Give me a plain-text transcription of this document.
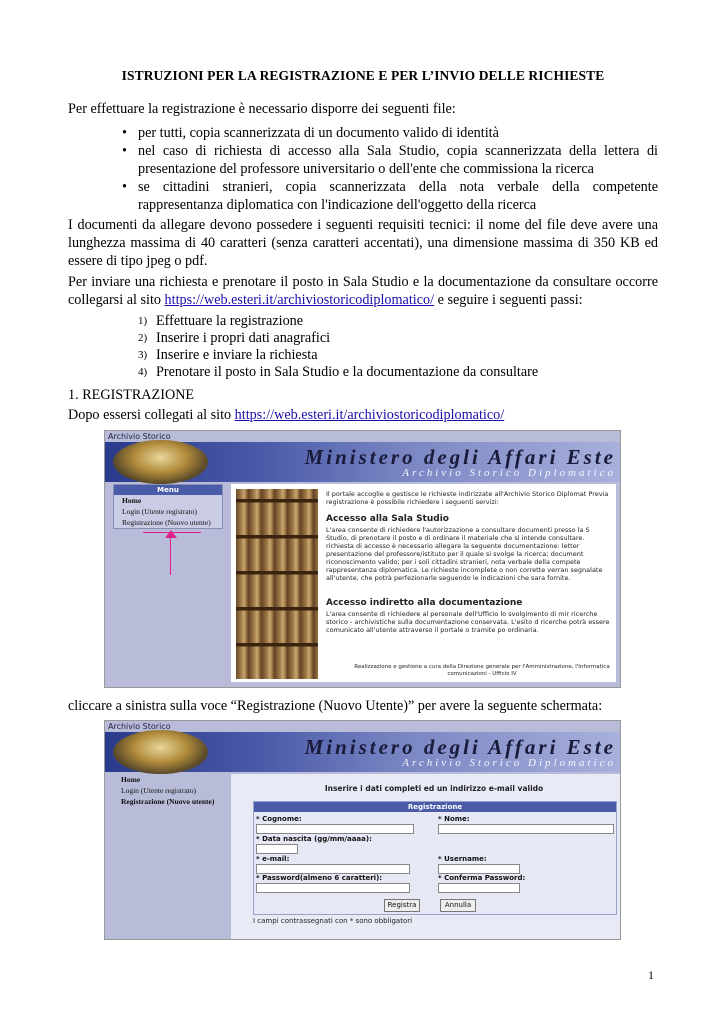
ISTRUZIONI PER LA REGISTRAZIONE E PER L’INVIO DELLE RICHIESTE
Per effettuare la registrazione è necessario disporre dei seguenti file:
• per tutti, copia scannerizzata di un documento valido di identità
• nel caso di richiesta di accesso alla Sala Studio, copia scannerizzata della lettera di presentazione del professore universitario o dell'ente che commissiona la ricerca
• se cittadini stranieri, copia scannerizzata della nota verbale della competente rappresentanza diplomatica con l'indicazione dell'oggetto della ricerca
I documenti da allegare devono possedere i seguenti requisiti tecnici: il nome del file deve avere una lunghezza massima di 40 caratteri (senza caratteri accentati), una dimensione massima di 350 KB ed essere di tipo jpeg o pdf.
Per inviare una richiesta e prenotare il posto in Sala Studio e la documentazione da consultare occorre collegarsi al sito https://web.esteri.it/archiviostoricodiplomatico/ e seguire i seguenti passi:
1) Effettuare la registrazione
2) Inserire i propri dati anagrafici
3) Inserire e inviare la richiesta
4) Prenotare il posto in Sala Studio e la documentazione da consultare
1. REGISTRAZIONE
Dopo essersi collegati al sito https://web.esteri.it/archiviostoricodiplomatico/
Archivio Storico
Ministero degli Affari Este
Archivio Storico Diplomatico
Menu
Home
Login (Utente registrato)
Registrazione (Nuovo utente)
Il portale accoglie e gestisce le richieste indirizzate all'Archivio Storico Diplomat Previa registrazione è possibile richiedere i seguenti servizi:
Accesso alla Sala Studio
L'area consente di richiedere l'autorizzazione a consultare documenti presso la S Studio, di prenotare il posto e di ordinare il materiale che si intende consultare. richiesta di accesso è necessario allegare la seguente documentazione: letter presentazione del professore/istituto per il quale si svolge la ricerca; document riconoscimento valido; per i soli cittadini stranieri, nota verbale della compete rappresentanza diplomatica. Le richieste incomplete o non corrette verran segnalate all'utente, che potrà perfezionarle seguendo le indicazioni che sara fornite.
Accesso indiretto alla documentazione
L'area consente di richiedere al personale dell'Ufficio lo svolgimento di mir ricerche storico - archivistiche sulla documentazione conservata. L'esito d ricerche potrà essere comunicato all'utente attraverso il portale o tramite po ordinaria.
Realizzazione e gestione a cura della Direzione generale per l'Amministrazione, l'Informatica comunicazioni - Ufficio IV
cliccare a sinistra sulla voce “Registrazione (Nuovo Utente)” per avere la seguente schermata:
Archivio Storico
Ministero degli Affari Este
Archivio Storico Diplomatico
Home
Login (Utente registrato)
Registrazione (Nuovo utente)
Inserire i dati completi ed un indirizzo e-mail valido
Registrazione
* Cognome:	* Nome:
* Data nascita (gg/mm/aaaa):
* e-mail:	* Username:
* Password(almeno 6 caratteri):	* Conferma Password:
Registra	Annulla
I campi contrassegnati con * sono obbligatori
1
